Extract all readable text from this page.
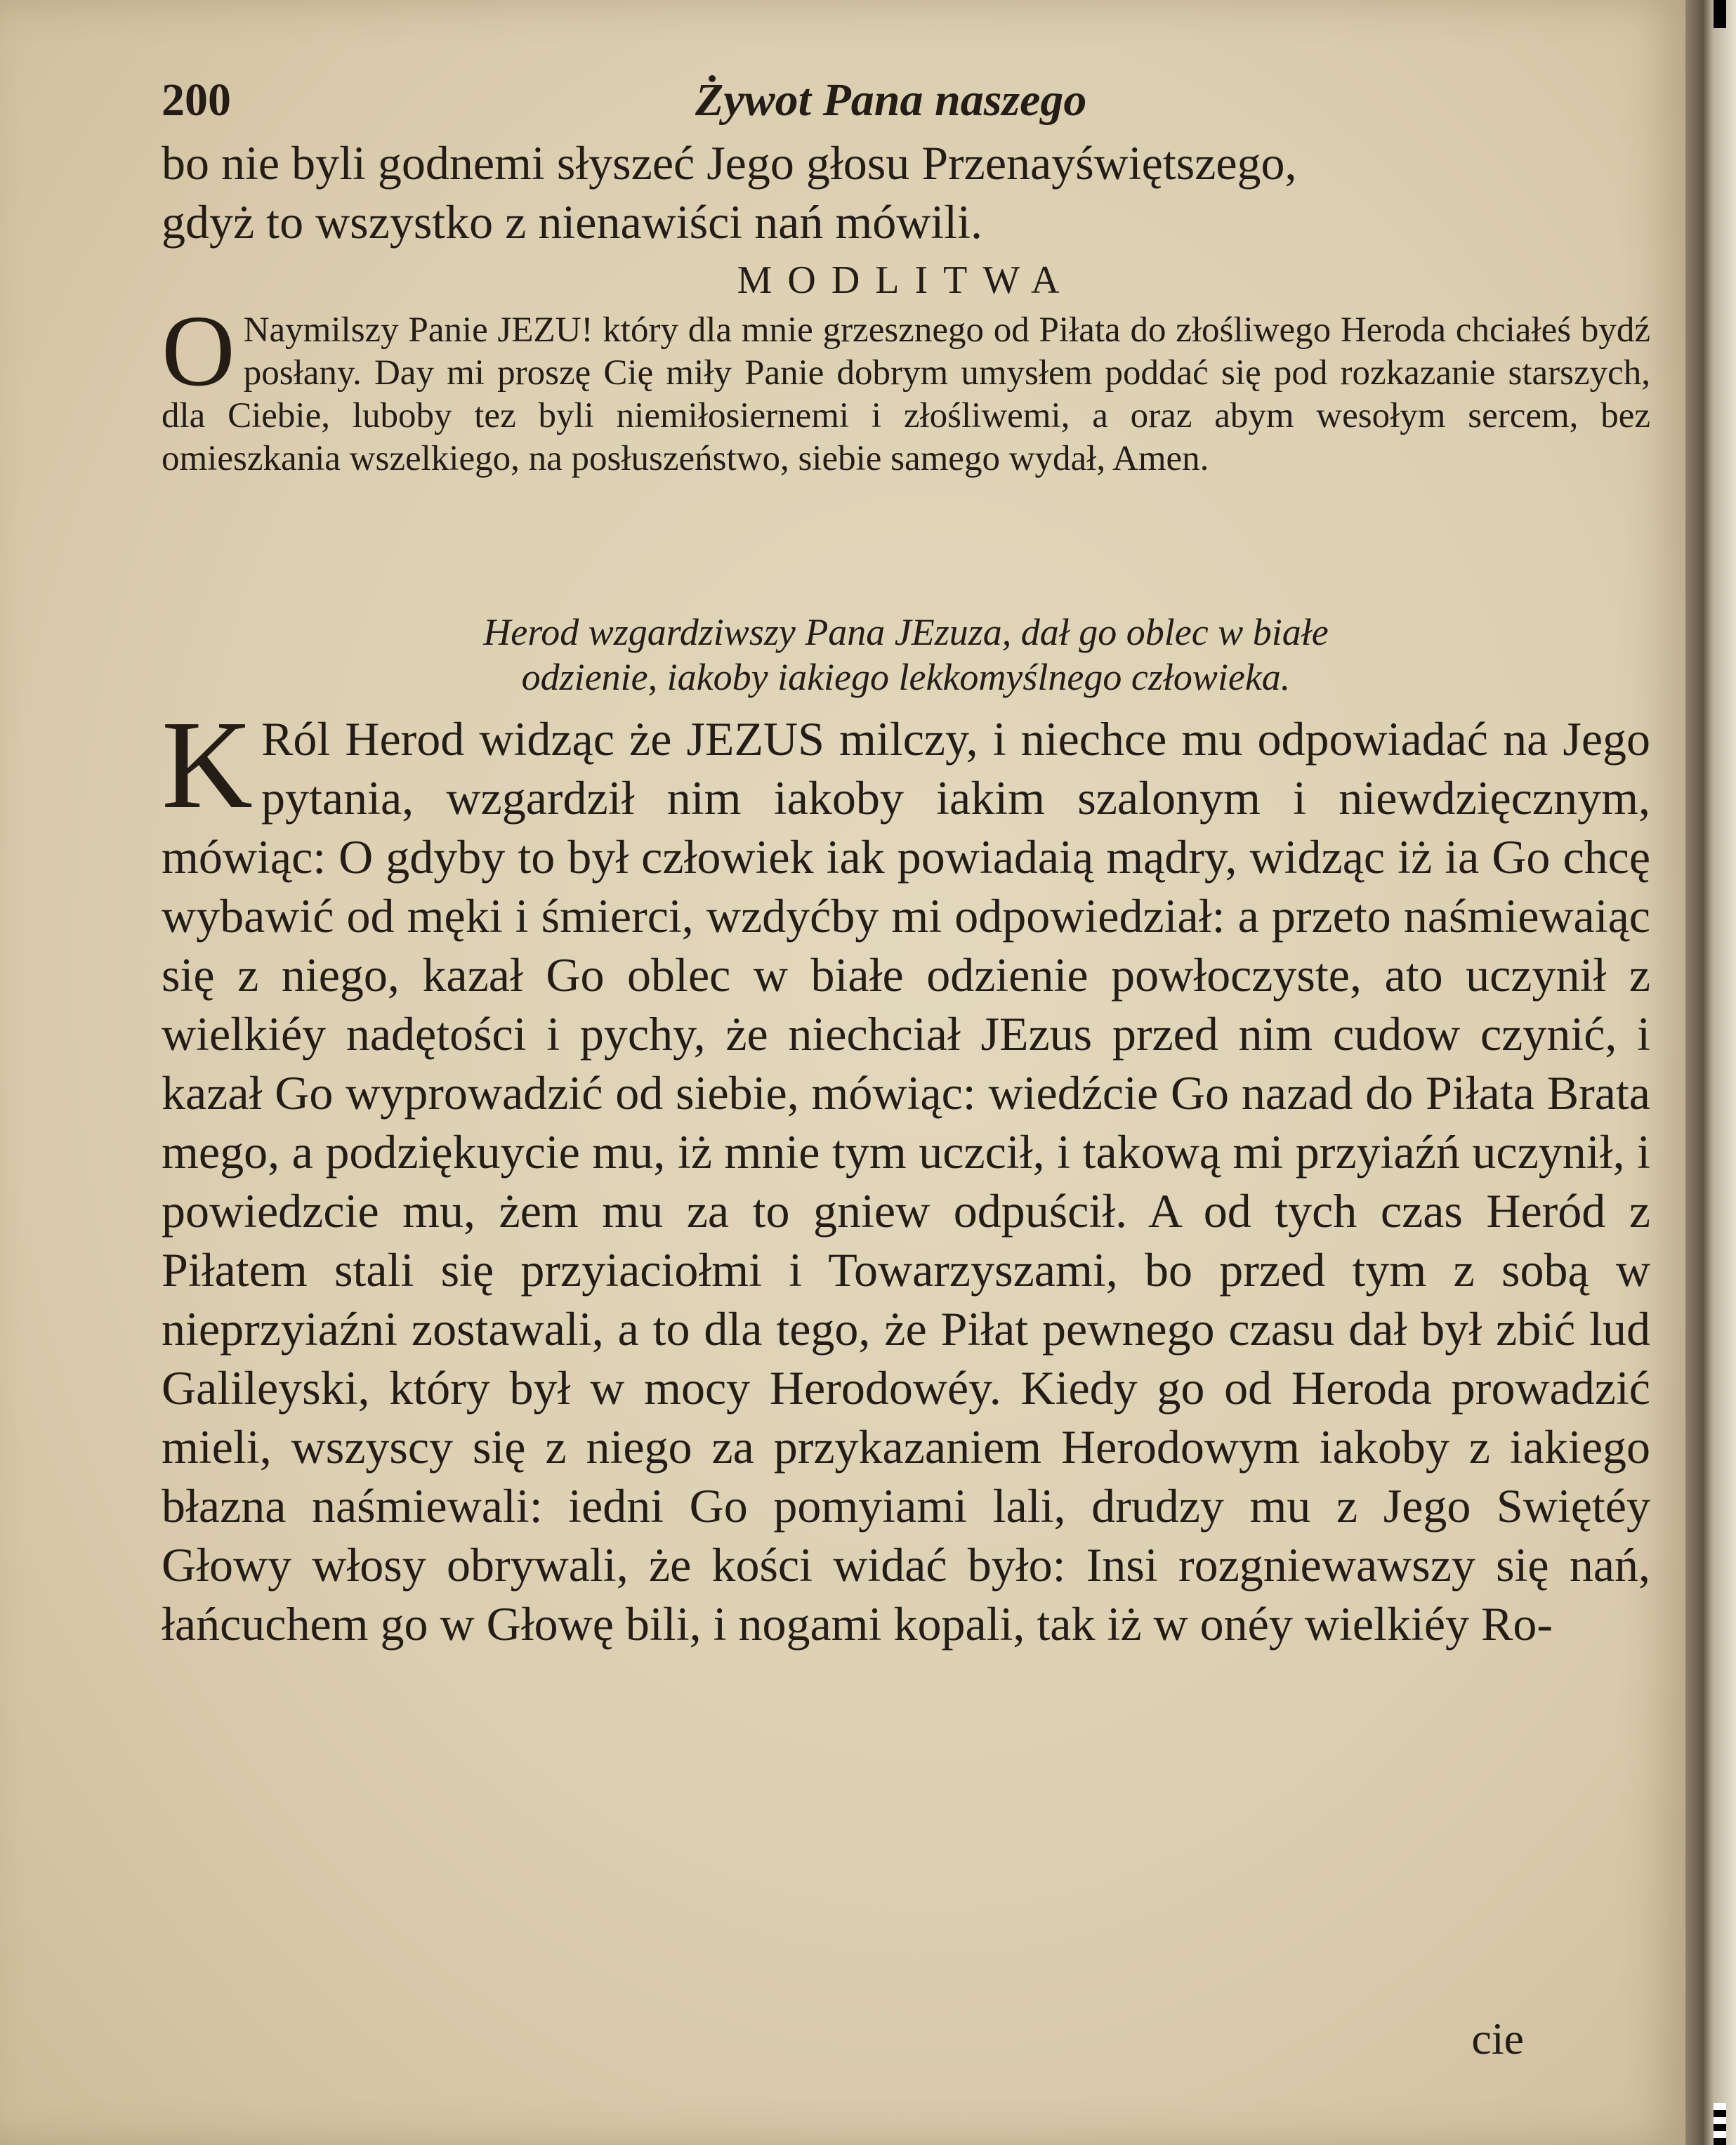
200	Żywot Pana naszego
bo nie byli godnemi słyszeć Jego głosu Przenayświętszego,
gdyż to wszystko z nienawiści nań mówili.
MODLITWA

O Naymilszy Panie JEZU! który dla mnie grzesznego od Piłata do złośliwego Heroda chciałeś bydź posłany. Day mi proszę Cię miły Panie dobrym umysłem poddać się pod rozkazanie starszych, dla Ciebie, luboby tez byli niemiłosiernemi i złośliwemi, a oraz abym wesołym sercem, bez omieszkania wszelkiego, na posłuszeństwo, siebie samego wydał, Amen.

Herod wzgardziwszy Pana JEzuza, dał go oblec w białe
odzienie, iakoby iakiego lekkomyślnego człowieka.

K Ról Herod widząc że JEZUS milczy, i niechce mu odpowiadać na Jego pytania, wzgardził nim iakoby iakim szalonym i niewdzięcznym, mówiąc: O gdyby to był człowiek iak powiadaią mądry, widząc iż ia Go chcę wybawić od męki i śmierci, wzdyćby mi odpowiedział: a przeto naśmiewaiąc się z niego, kazał Go oblec w białe odzienie powłoczyste, ato uczynił z wielkiéy nadętości i pychy, że niechciał JEzus przed nim cudow czynić, i kazał Go wyprowadzić od siebie, mówiąc: wiedźcie Go nazad do Piłata Brata mego, a podziękuycie mu, iż mnie tym uczcił, i takową mi przyiaźń uczynił, i powiedzcie mu, żem mu za to gniew odpuścił. A od tych czas Heród z Piłatem stali się przyiaciołmi i Towarzyszami, bo przed tym z sobą w nieprzyiaźni zostawali, a to dla tego, że Piłat pewnego czasu dał był zbić lud Galileyski, który był w mocy Herodowéy. Kiedy go od Heroda prowadzić mieli, wszyscy się z niego za przykazaniem Herodowym iakoby z iakiego błazna naśmiewali: iedni Go pomyiami lali, drudzy mu z Jego Swiętéy Głowy włosy obrywali, że kości widać było: Insi rozgniewawszy się nań, łańcuchem go w Głowę bili, i nogami kopali, tak iż w onéy wielkiéy Ro-

cie
